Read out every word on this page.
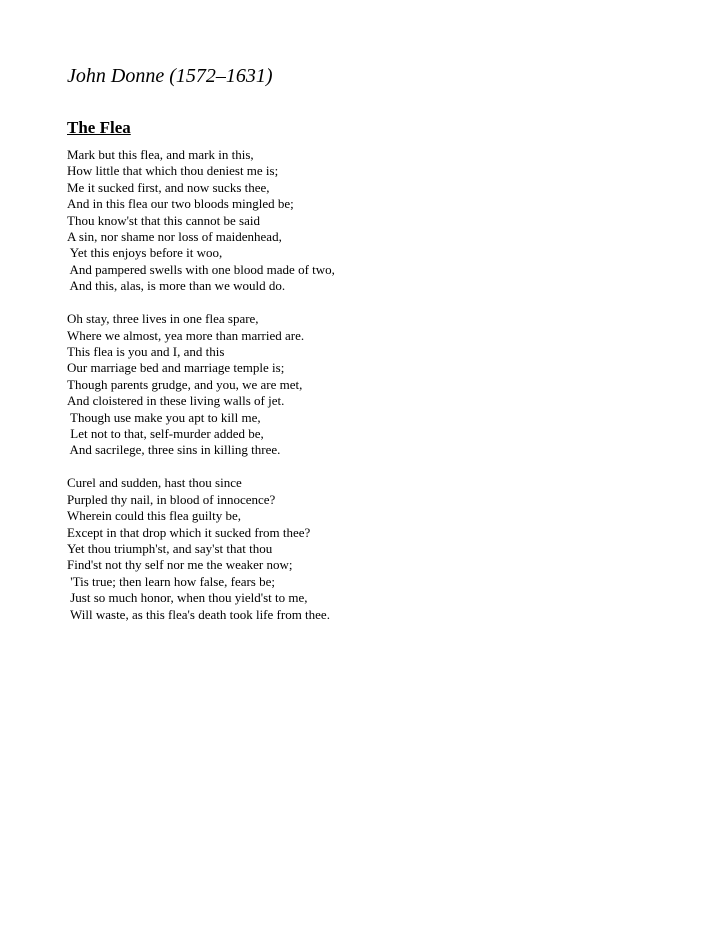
John Donne (1572–1631)
The Flea
Mark but this flea, and mark in this,
How little that which thou deniest me is;
Me it sucked first, and now sucks thee,
And in this flea our two bloods mingled be;
Thou know'st that this cannot be said
A sin, nor shame nor loss of maidenhead,
Yet this enjoys before it woo,
And pampered swells with one blood made of two,
And this, alas, is more than we would do.
Oh stay, three lives in one flea spare,
Where we almost, yea more than married are.
This flea is you and I, and this
Our marriage bed and marriage temple is;
Though parents grudge, and you, we are met,
And cloistered in these living walls of jet.
Though use make you apt to kill me,
Let not to that, self-murder added be,
And sacrilege, three sins in killing three.
Curel and sudden, hast thou since
Purpled thy nail, in blood of innocence?
Wherein could this flea guilty be,
Except in that drop which it sucked from thee?
Yet thou triumph'st, and say'st that thou
Find'st not thy self nor me the weaker now;
'Tis true; then learn how false, fears be;
Just so much honor, when thou yield'st to me,
Will waste, as this flea's death took life from thee.
